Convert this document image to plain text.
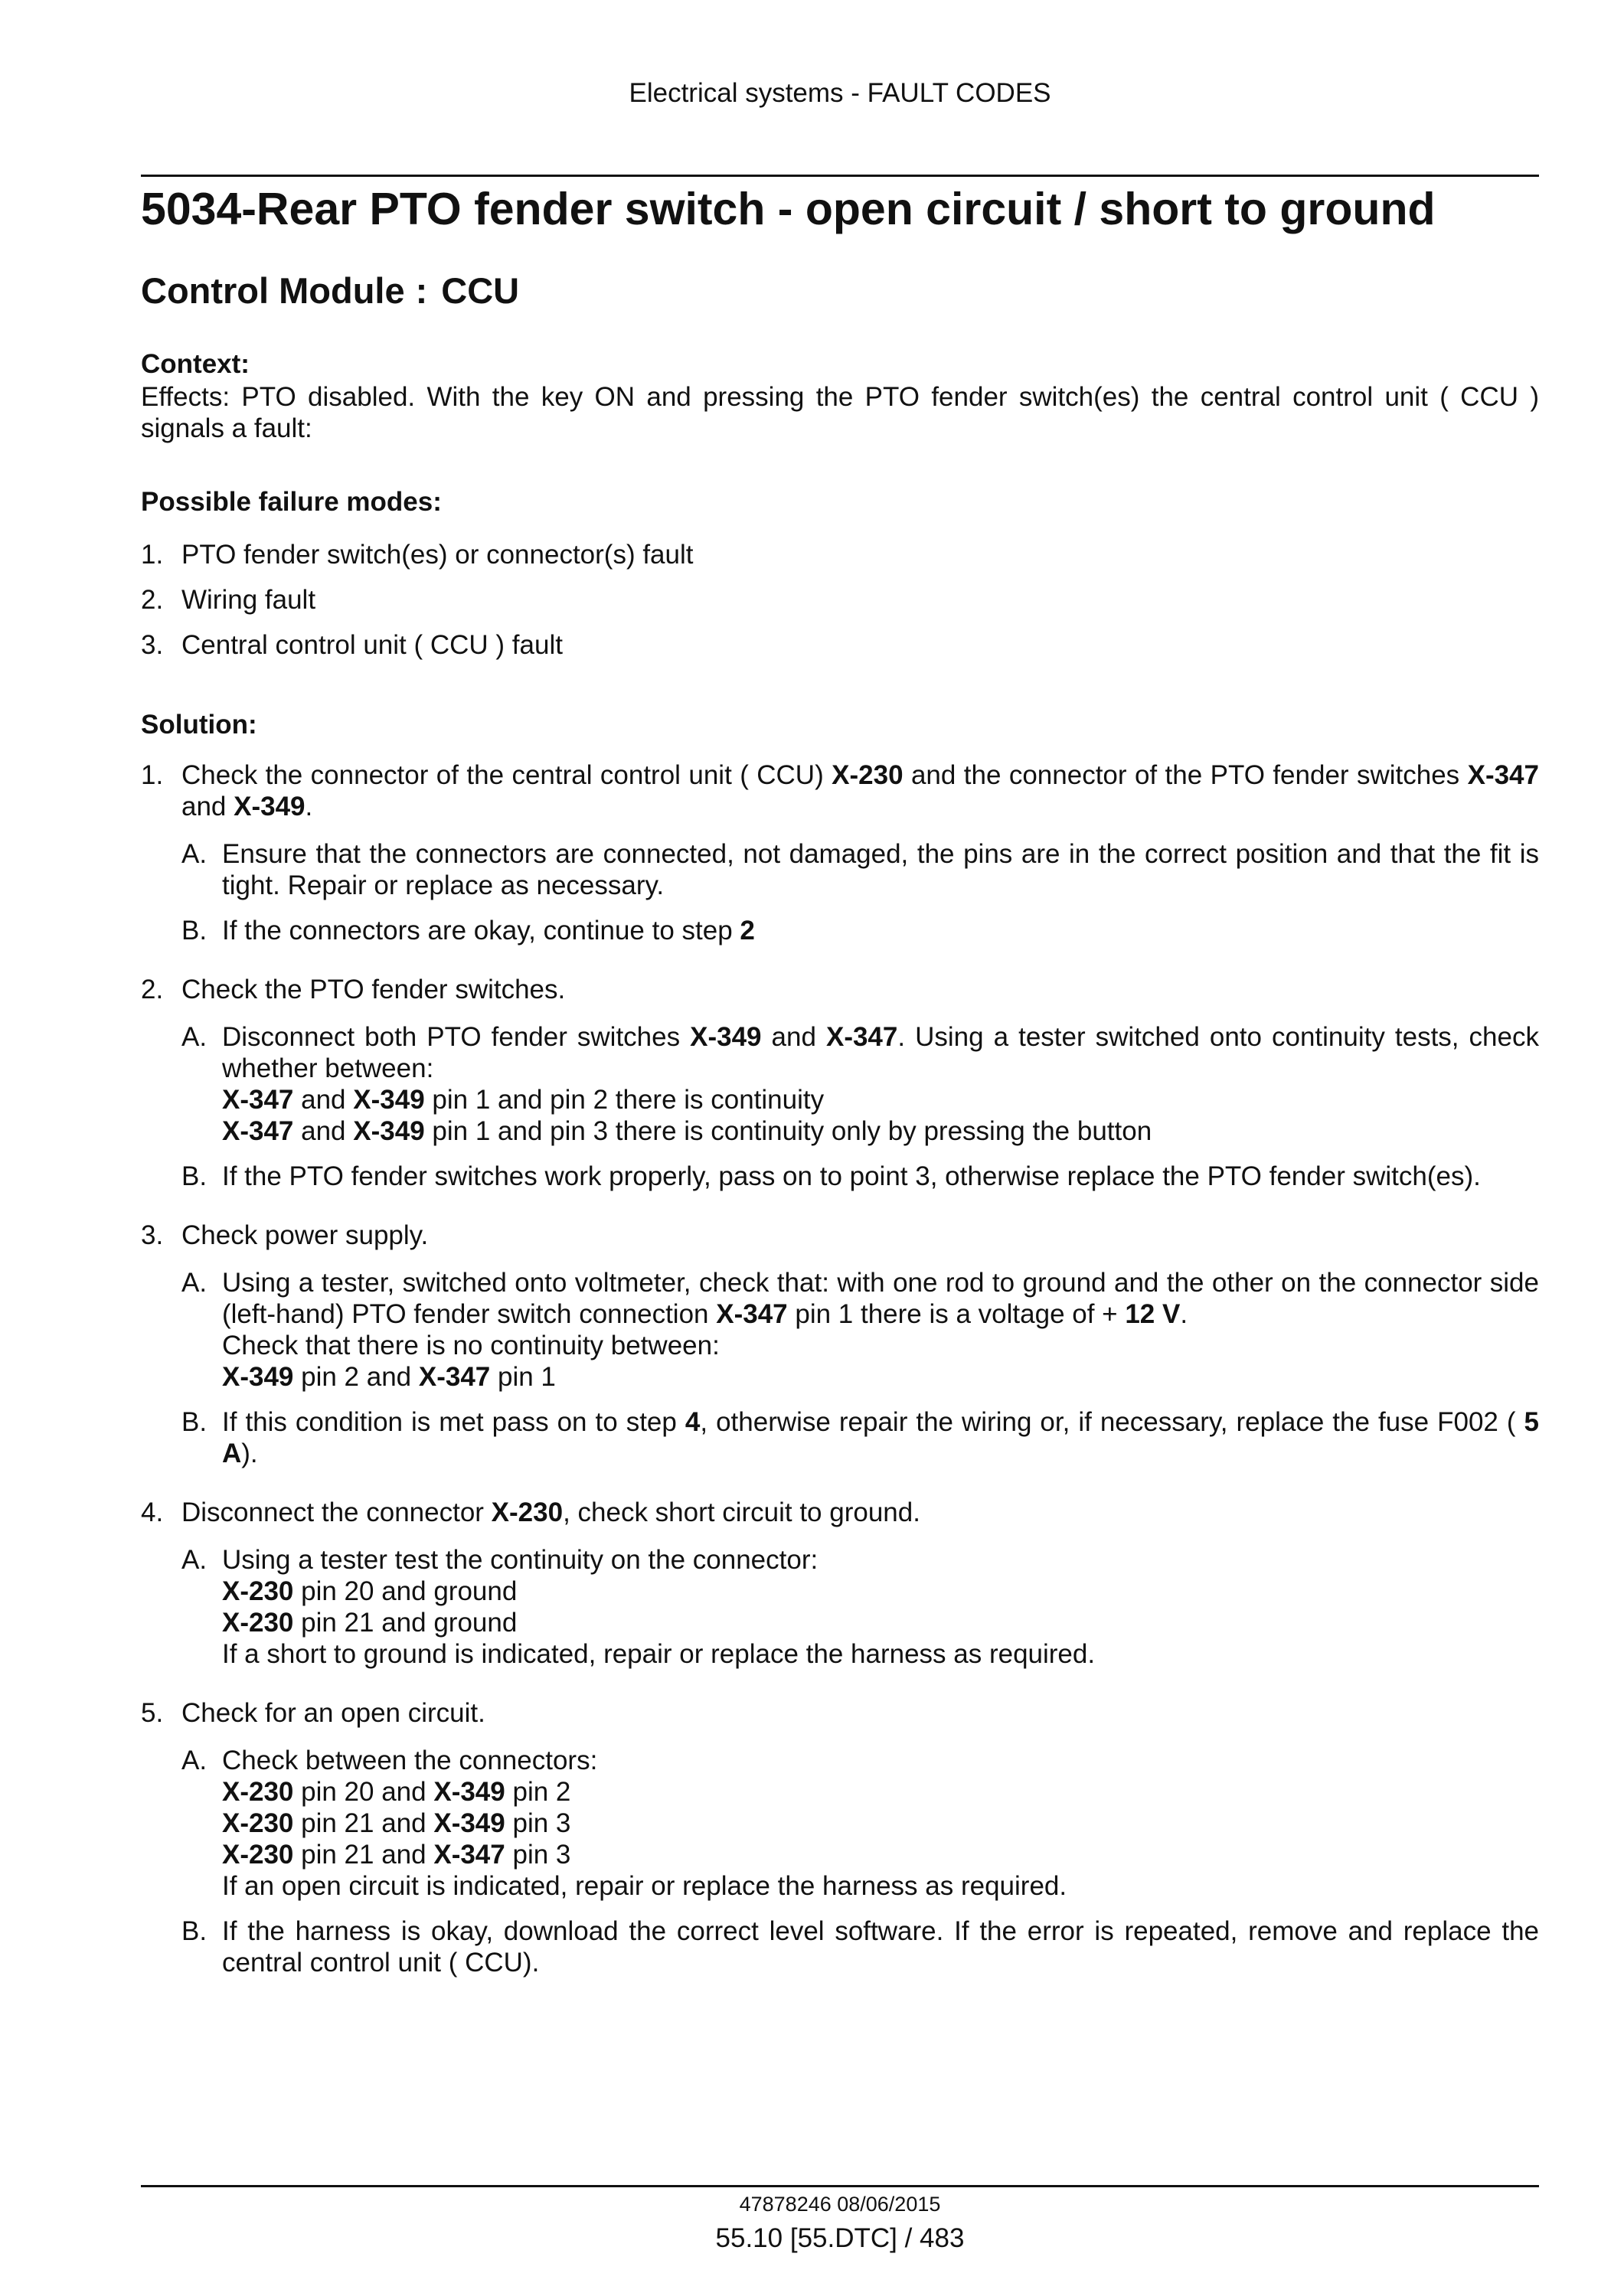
Electrical systems - FAULT CODES
5034-Rear PTO fender switch - open circuit / short to ground
Control Module : CCU
Context:
Effects: PTO disabled. With the key ON and pressing the PTO fender switch(es) the central control unit ( CCU ) signals a fault:
Possible failure modes:
1. PTO fender switch(es) or connector(s) fault
2. Wiring fault
3. Central control unit ( CCU ) fault
Solution:
1. Check the connector of the central control unit ( CCU) X-230 and the connector of the PTO fender switches X-347 and X-349.
A. Ensure that the connectors are connected, not damaged, the pins are in the correct position and that the fit is tight. Repair or replace as necessary.
B. If the connectors are okay, continue to step 2
2. Check the PTO fender switches.
A. Disconnect both PTO fender switches X-349 and X-347. Using a tester switched onto continuity tests, check whether between:
X-347 and X-349 pin 1 and pin 2 there is continuity
X-347 and X-349 pin 1 and pin 3 there is continuity only by pressing the button
B. If the PTO fender switches work properly, pass on to point 3, otherwise replace the PTO fender switch(es).
3. Check power supply.
A. Using a tester, switched onto voltmeter, check that: with one rod to ground and the other on the connector side (left-hand) PTO fender switch connection X-347 pin 1 there is a voltage of + 12 V.
Check that there is no continuity between:
X-349 pin 2 and X-347 pin 1
B. If this condition is met pass on to step 4, otherwise repair the wiring or, if necessary, replace the fuse F002 ( 5 A).
4. Disconnect the connector X-230, check short circuit to ground.
A. Using a tester test the continuity on the connector:
X-230 pin 20 and ground
X-230 pin 21 and ground
If a short to ground is indicated, repair or replace the harness as required.
5. Check for an open circuit.
A. Check between the connectors:
X-230 pin 20 and X-349 pin 2
X-230 pin 21 and X-349 pin 3
X-230 pin 21 and X-347 pin 3
If an open circuit is indicated, repair or replace the harness as required.
B. If the harness is okay, download the correct level software. If the error is repeated, remove and replace the central control unit ( CCU).
47878246 08/06/2015
55.10 [55.DTC] / 483
